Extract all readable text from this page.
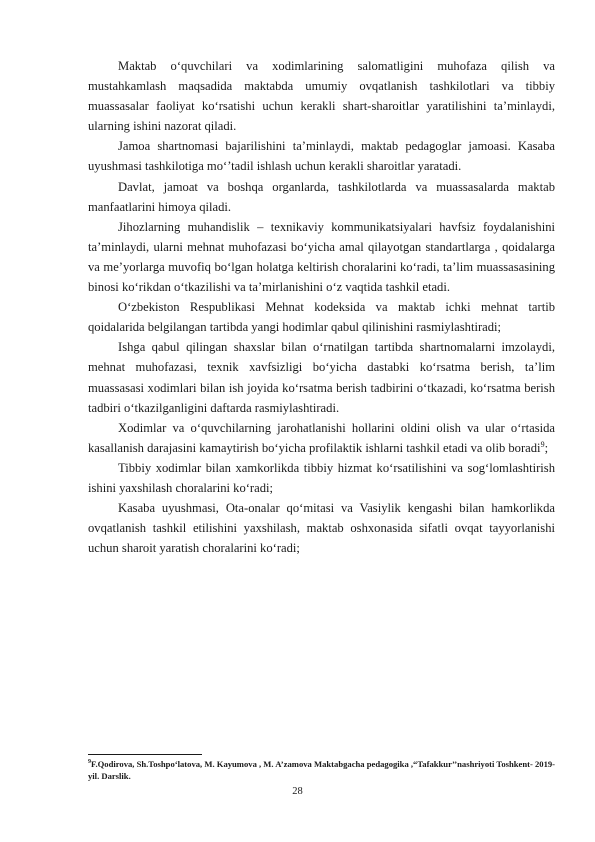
Maktab o‘quvchilari va xodimlarining salomatligini muhofaza qilish va mustahkamlash maqsadida maktabda umumiy ovqatlanish tashkilotlari va tibbiy muassasalar faoliyat ko‘rsatishi uchun kerakli shart-sharoitlar yaratilishini ta’minlaydi, ularning ishini nazorat qiladi.

Jamoa shartnomasi bajarilishini ta’minlaydi, maktab pedagoglar jamoasi. Kasaba uyushmasi tashkilotiga mo‘’tadil ishlash uchun kerakli sharoitlar yaratadi.

Davlat, jamoat va boshqa organlarda, tashkilotlarda va muassasalarda maktab manfaatlarini himoya qiladi.

Jihozlarning muhandislik – texnikaviy kommunikatsiyalari havfsiz foydalanishini ta’minlaydi, ularni mehnat muhofazasi bo‘yicha amal qilayotgan standartlarga , qoidalarga va me’yorlarga muvofiq bo‘lgan holatga keltirish choralarini ko‘radi, ta’lim muassasasining binosi ko‘rikdan o‘tkazilishi va ta’mirlanishini o‘z vaqtida tashkil etadi.

O‘zbekiston Respublikasi Mehnat kodeksida va maktab ichki mehnat tartib qoidalarida belgilangan tartibda yangi hodimlar qabul qilinishini rasmiylashtiradi;

Ishga qabul qilingan shaxslar bilan o‘rnatilgan tartibda shartnomalarni imzolaydi, mehnat muhofazasi, texnik xavfsizligi bo‘yicha dastabki ko‘rsatma berish, ta’lim muassasasi xodimlari bilan ish joyida ko‘rsatma berish tadbirini o‘tkazadi, ko‘rsatma berish tadbiri o‘tkazilganligini daftarda rasmiylashtiradi.

Xodimlar va o‘quvchilarning jarohatlanishi hollarini oldini olish va ular o‘rtasida kasallanish darajasini kamaytirish bo‘yicha profilaktik ishlarni tashkil etadi va olib boradi$^9$;

Tibbiy xodimlar bilan xamkorlikda tibbiy hizmat ko‘rsatilishini va sog‘lomlashtirish ishini yaxshilash choralarini ko‘radi;

Kasaba uyushmasi, Ota-onalar qo‘mitasi va Vasiylik kengashi bilan hamkorlikda ovqatlanish tashkil etilishini yaxshilash, maktab oshxonasida sifatli ovqat tayyorlanishi uchun sharoit yaratish choralarini ko‘radi;

$^9$F.Qodirova, Sh.Toshpo‘latova, M. Kayumova , M. A’zamova Maktabgacha pedagogika ,“Tafakkur’’nashriyoti Toshkent- 2019-yil. Darslik.

28
